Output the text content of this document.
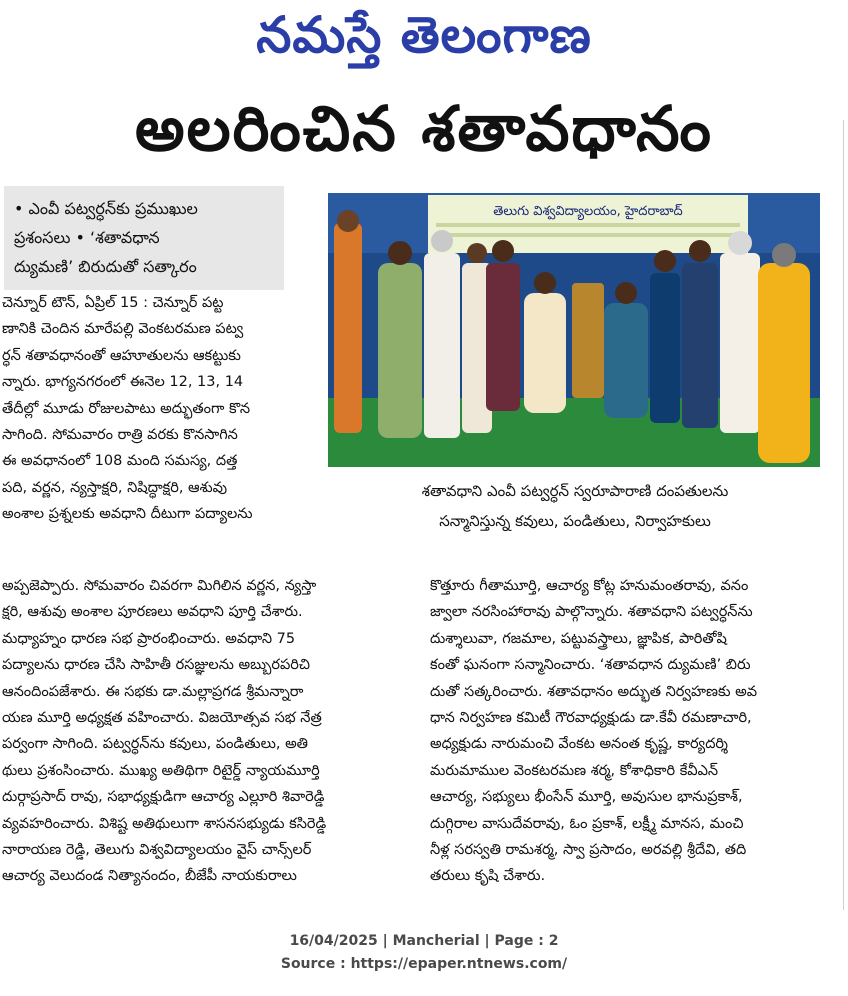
నమస్తే తెలంగాణ
అలరించిన శతావధానం
• ఎంవీ పట్వర్ధన్‌కు ప్రముఖుల
ప్రశంసలు • ‘శతావధాన
ద్యుమణి’ బిరుదుతో సత్కారం
తెలుగు విశ్వవిద్యాలయం, హైదరాబాద్
శతావధాని ఎంవీ పట్వర్ధన్ స్వరూపారాణి దంపతులను
సన్మానిస్తున్న కవులు, పండితులు, నిర్వాహకులు
చెన్నూర్ టౌన్, ఏప్రిల్ 15 : చెన్నూర్ పట్ట
ణానికి చెందిన మారేపల్లి వెంకటరమణ పట్వ
ర్ధన్ శతావధానంతో ఆహూతులను ఆకట్టుకు
న్నారు. భాగ్యనగరంలో ఈనెల 12, 13, 14
తేదీల్లో మూడు రోజులపాటు అద్భుతంగా కొన
సాగింది. సోమవారం రాత్రి వరకు కొనసాగిన
ఈ అవధానంలో 108 మంది సమస్య, దత్త
పది, వర్ణన, న్యస్తాక్షరి, నిషిద్ధాక్షరి, ఆశువు
అంశాల ప్రశ్నలకు అవధాని దీటుగా పద్యాలను
అప్పజెప్పారు. సోమవారం చివరగా మిగిలిన వర్ణన, న్యస్తా
క్షరి, ఆశువు అంశాల పూరణలు అవధాని పూర్తి చేశారు.
మధ్యాహ్నం ధారణ సభ ప్రారంభించారు. అవధాని 75
పద్యాలను ధారణ చేసి సాహితీ రసజ్ఞులను అబ్బురపరిచి
ఆనందింపజేశారు. ఈ సభకు డా.మల్లాప్రగడ శ్రీమన్నారా
యణ మూర్తి అధ్యక్షత వహించారు. విజయోత్సవ సభ నేత్ర
పర్వంగా సాగింది. పట్వర్ధన్‌ను కవులు, పండితులు, అతి
థులు ప్రశంసించారు. ముఖ్య అతిథిగా రిటైర్డ్ న్యాయమూర్తి
దుర్గాప్రసాద్ రావు, సభాధ్యక్షుడిగా ఆచార్య ఎల్లూరి శివారెడ్డి
వ్యవహరించారు. విశిష్ట అతిథులుగా శాసనసభ్యుడు కసిరెడ్డి
నారాయణ రెడ్డి, తెలుగు విశ్వవిద్యాలయం వైస్ చాన్స్‌లర్
ఆచార్య వెలుదండ నిత్యానందం, బీజేపీ నాయకురాలు
కొత్తూరు గీతామూర్తి, ఆచార్య కోట్ల హనుమంతరావు, వనం
జ్వాలా నరసింహారావు పాల్గొన్నారు. శతావధాని పట్వర్ధన్‌ను
దుశ్శాలువా, గజమాల, పట్టువస్త్రాలు, జ్ఞాపిక, పారితోషి
కంతో ఘనంగా సన్మానించారు. ‘శతావధాన ద్యుమణి’ బిరు
దుతో సత్కరించారు. శతావధానం అద్భుత నిర్వహణకు అవ
ధాన నిర్వహణ కమిటీ గౌరవాధ్యక్షుడు డా.కేవీ రమణాచారి,
అధ్యక్షుడు నారుమంచి వేంకట అనంత కృష్ణ, కార్యదర్శి
మరుమాముల వెంకటరమణ శర్మ, కోశాధికారి కేవీఎన్
ఆచార్య, సభ్యులు భీంసేన్ మూర్తి, అవుసుల భానుప్రకాశ్,
దుగ్గిరాల వాసుదేవరావు, ఓం ప్రకాశ్, లక్ష్మీ మానస, మంచి
నీళ్ల సరస్వతి రామశర్మ, స్వా ప్రసాదం, అరవల్లి శ్రీదేవి, తది
తరులు కృషి చేశారు.
16/04/2025 | Mancherial | Page : 2
Source : https://epaper.ntnews.com/
